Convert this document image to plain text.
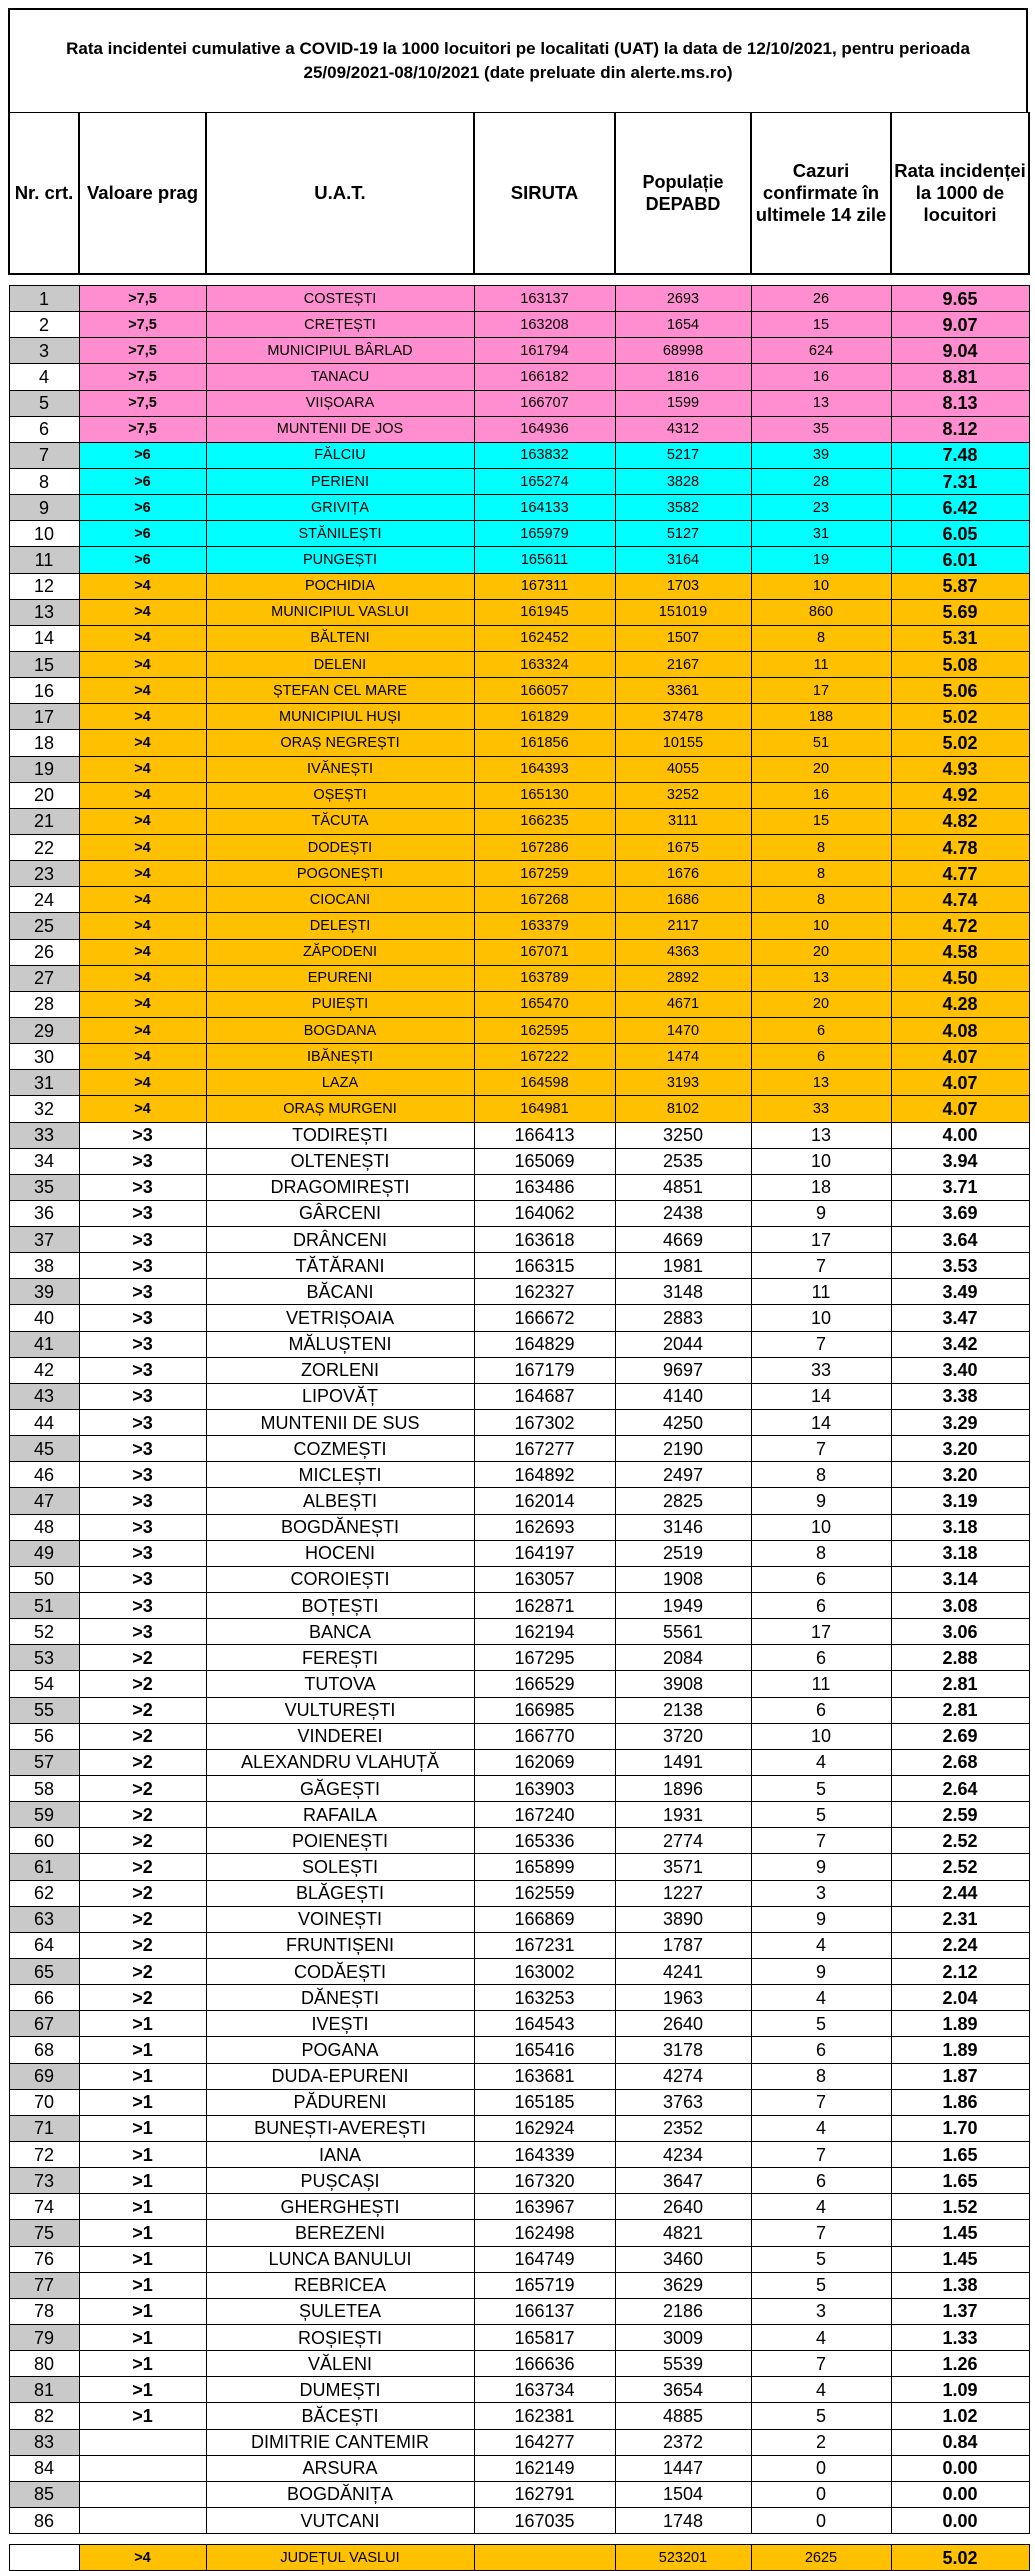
Rata incidentei cumulative a COVID-19 la 1000 locuitori pe localitati (UAT) la data de 12/10/2021, pentru perioada 25/09/2021-08/10/2021 (date preluate din alerte.ms.ro)
Nr. crt.	Valoare prag	U.A.T.	SIRUTA	Populație DEPABD	Cazuri confirmate în ultimele 14 zile	Rata incidenței la 1000 de locuitori

1	>7,5	COSTEȘTI	163137	2693	26	9.65
2	>7,5	CREȚEȘTI	163208	1654	15	9.07
3	>7,5	MUNICIPIUL BÂRLAD	161794	68998	624	9.04
4	>7,5	TANACU	166182	1816	16	8.81
5	>7,5	VIIȘOARA	166707	1599	13	8.13
6	>7,5	MUNTENII DE JOS	164936	4312	35	8.12
7	>6	FĂLCIU	163832	5217	39	7.48
8	>6	PERIENI	165274	3828	28	7.31
9	>6	GRIVIȚA	164133	3582	23	6.42
10	>6	STĂNILEȘTI	165979	5127	31	6.05
11	>6	PUNGEȘTI	165611	3164	19	6.01
12	>4	POCHIDIA	167311	1703	10	5.87
13	>4	MUNICIPIUL VASLUI	161945	151019	860	5.69
14	>4	BĂLTENI	162452	1507	8	5.31
15	>4	DELENI	163324	2167	11	5.08
16	>4	ȘTEFAN CEL MARE	166057	3361	17	5.06
17	>4	MUNICIPIUL HUȘI	161829	37478	188	5.02
18	>4	ORAȘ NEGREȘTI	161856	10155	51	5.02
19	>4	IVĂNEȘTI	164393	4055	20	4.93
20	>4	OȘEȘTI	165130	3252	16	4.92
21	>4	TĂCUTA	166235	3111	15	4.82
22	>4	DODEȘTI	167286	1675	8	4.78
23	>4	POGONEȘTI	167259	1676	8	4.77
24	>4	CIOCANI	167268	1686	8	4.74
25	>4	DELEȘTI	163379	2117	10	4.72
26	>4	ZĂPODENI	167071	4363	20	4.58
27	>4	EPURENI	163789	2892	13	4.50
28	>4	PUIEȘTI	165470	4671	20	4.28
29	>4	BOGDANA	162595	1470	6	4.08
30	>4	IBĂNEȘTI	167222	1474	6	4.07
31	>4	LAZA	164598	3193	13	4.07
32	>4	ORAȘ MURGENI	164981	8102	33	4.07
33	>3	TODIREȘTI	166413	3250	13	4.00
34	>3	OLTENEȘTI	165069	2535	10	3.94
35	>3	DRAGOMIREȘTI	163486	4851	18	3.71
36	>3	GÂRCENI	164062	2438	9	3.69
37	>3	DRÂNCENI	163618	4669	17	3.64
38	>3	TĂTĂRANI	166315	1981	7	3.53
39	>3	BĂCANI	162327	3148	11	3.49
40	>3	VETRIȘOAIA	166672	2883	10	3.47
41	>3	MĂLUȘTENI	164829	2044	7	3.42
42	>3	ZORLENI	167179	9697	33	3.40
43	>3	LIPOVĂȚ	164687	4140	14	3.38
44	>3	MUNTENII DE SUS	167302	4250	14	3.29
45	>3	COZMEȘTI	167277	2190	7	3.20
46	>3	MICLEȘTI	164892	2497	8	3.20
47	>3	ALBEȘTI	162014	2825	9	3.19
48	>3	BOGDĂNEȘTI	162693	3146	10	3.18
49	>3	HOCENI	164197	2519	8	3.18
50	>3	COROIEȘTI	163057	1908	6	3.14
51	>3	BOȚEȘTI	162871	1949	6	3.08
52	>3	BANCA	162194	5561	17	3.06
53	>2	FEREȘTI	167295	2084	6	2.88
54	>2	TUTOVA	166529	3908	11	2.81
55	>2	VULTUREȘTI	166985	2138	6	2.81
56	>2	VINDEREI	166770	3720	10	2.69
57	>2	ALEXANDRU VLAHUȚĂ	162069	1491	4	2.68
58	>2	GĂGEȘTI	163903	1896	5	2.64
59	>2	RAFAILA	167240	1931	5	2.59
60	>2	POIENEȘTI	165336	2774	7	2.52
61	>2	SOLEȘTI	165899	3571	9	2.52
62	>2	BLĂGEȘTI	162559	1227	3	2.44
63	>2	VOINEȘTI	166869	3890	9	2.31
64	>2	FRUNTIȘENI	167231	1787	4	2.24
65	>2	CODĂEȘTI	163002	4241	9	2.12
66	>2	DĂNEȘTI	163253	1963	4	2.04
67	>1	IVEȘTI	164543	2640	5	1.89
68	>1	POGANA	165416	3178	6	1.89
69	>1	DUDA-EPURENI	163681	4274	8	1.87
70	>1	PĂDURENI	165185	3763	7	1.86
71	>1	BUNEȘTI-AVEREȘTI	162924	2352	4	1.70
72	>1	IANA	164339	4234	7	1.65
73	>1	PUȘCAȘI	167320	3647	6	1.65
74	>1	GHERGHEȘTI	163967	2640	4	1.52
75	>1	BEREZENI	162498	4821	7	1.45
76	>1	LUNCA BANULUI	164749	3460	5	1.45
77	>1	REBRICEA	165719	3629	5	1.38
78	>1	ȘULETEA	166137	2186	3	1.37
79	>1	ROȘIEȘTI	165817	3009	4	1.33
80	>1	VĂLENI	166636	5539	7	1.26
81	>1	DUMEȘTI	163734	3654	4	1.09
82	>1	BĂCEȘTI	162381	4885	5	1.02
83		DIMITRIE CANTEMIR	164277	2372	2	0.84
84		ARSURA	162149	1447	0	0.00
85		BOGDĂNIȚA	162791	1504	0	0.00
86		VUTCANI	167035	1748	0	0.00

	>4	JUDEȚUL VASLUI		523201	2625	5.02
